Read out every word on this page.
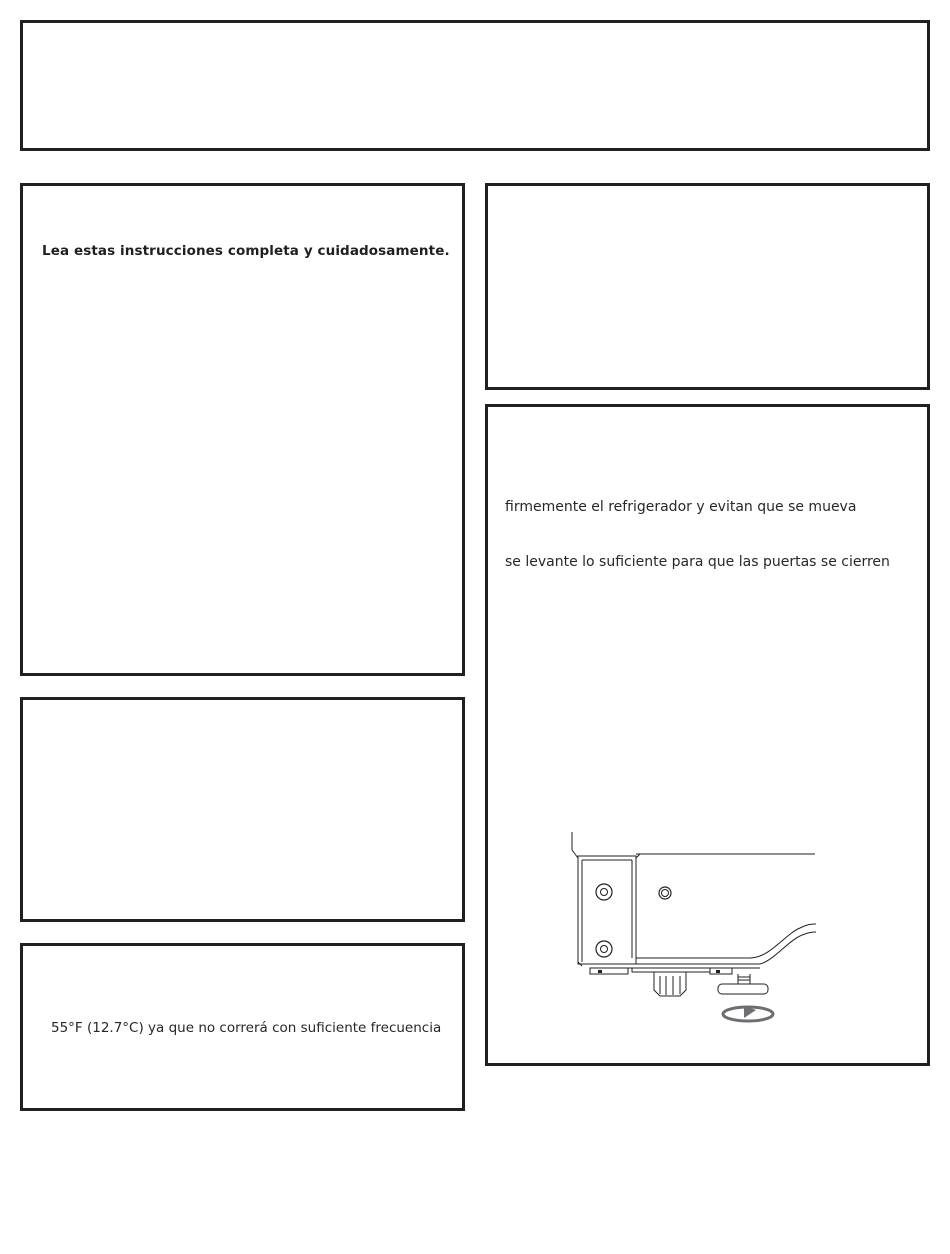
Lea estas instrucciones completa y cuidadosamente.
55°F (12.7°C) ya que no correrá con suficiente frecuencia
firmemente el refrigerador y evitan que se mueva
se levante lo suficiente para que las puertas se cierren
